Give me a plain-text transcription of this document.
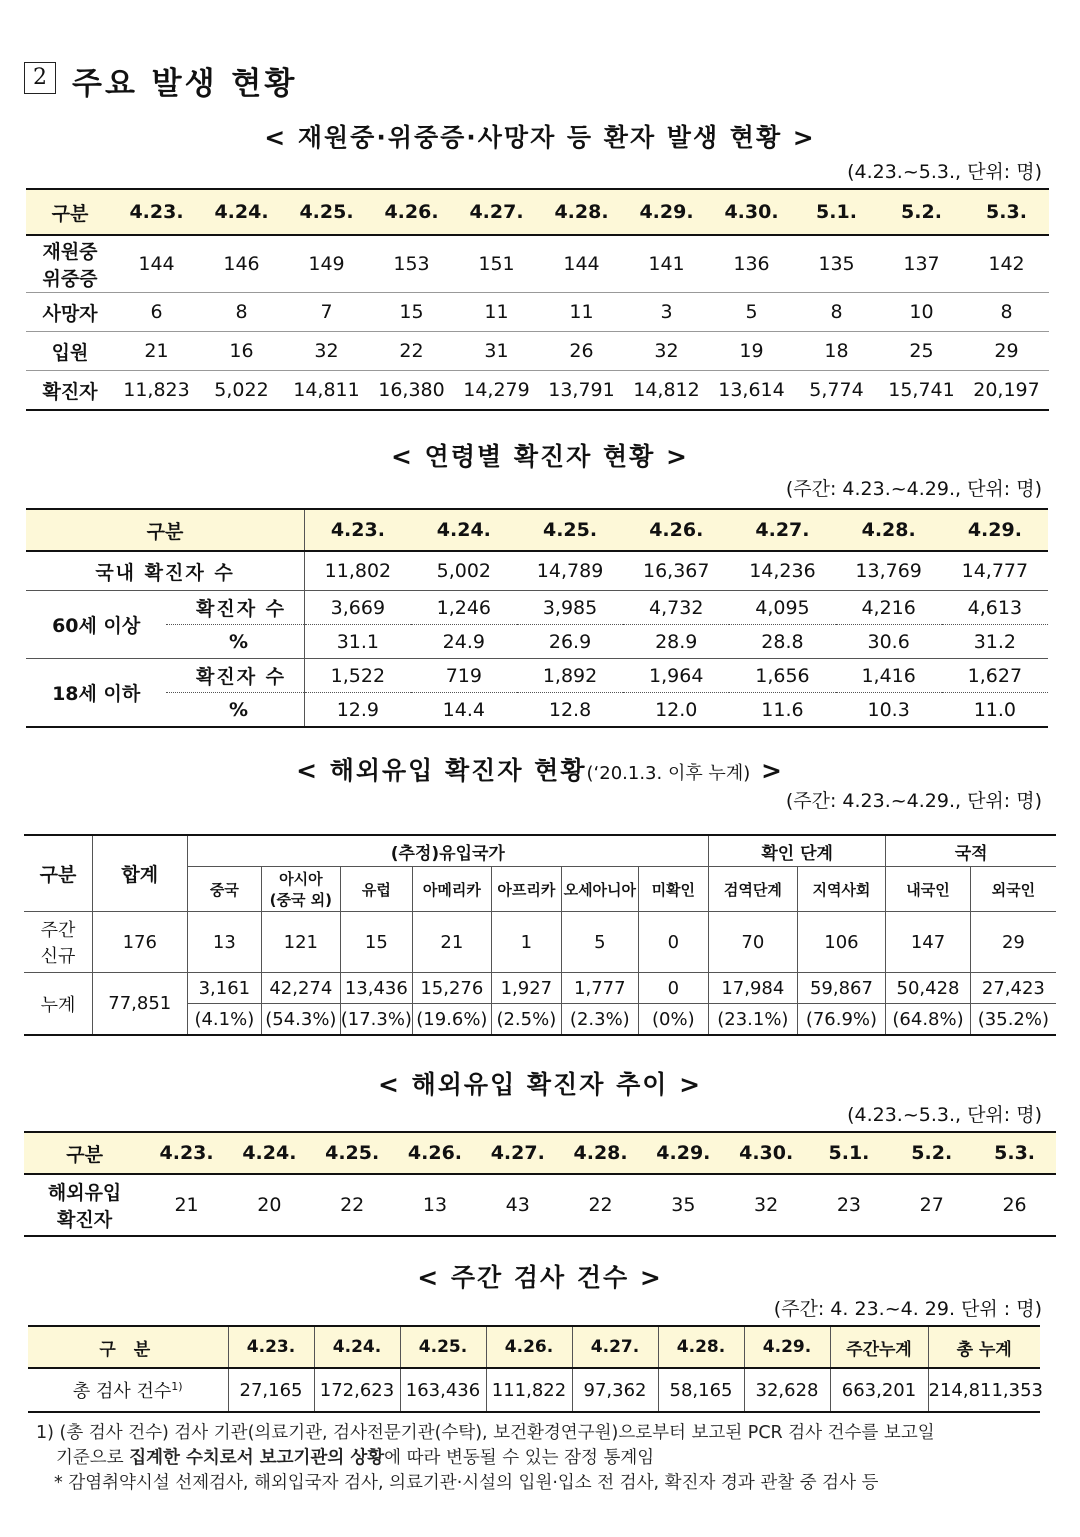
2 주요 발생 현황
< 재원중·위중증·사망자 등 환자 발생 현황 >
(4.23.~5.3., 단위: 명)
구분	4.23.	4.24.	4.25.	4.26.	4.27.	4.28.	4.29.	4.30.	5.1.	5.2.	5.3.
재원중
위중증	144	146	149	153	151	144	141	136	135	137	142
사망자	6	8	7	15	11	11	3	5	8	10	8
입원	21	16	32	22	31	26	32	19	18	25	29
확진자	11,823	5,022	14,811	16,380	14,279	13,791	14,812	13,614	5,774	15,741	20,197
< 연령별 확진자 현황 >
(주간: 4.23.~4.29., 단위: 명)
구분		4.23.	4.24.	4.25.	4.26.	4.27.	4.28.	4.29.
국내 확진자 수		11,802	5,002	14,789	16,367	14,236	13,769	14,777
60세 이상	확진자 수	3,669	1,246	3,985	4,732	4,095	4,216	4,613
	%	31.1	24.9	26.9	28.9	28.8	30.6	31.2
18세 이하	확진자 수	1,522	719	1,892	1,964	1,656	1,416	1,627
	%	12.9	14.4	12.8	12.0	11.6	10.3	11.0
< 해외유입 확진자 현황(‘20.1.3. 이후 누계) >
(주간: 4.23.~4.29., 단위: 명)
구분	합계	(추정)유입국가							확인 단계		국적	
		중국	아시아
(중국 외)	유럽	아메리카	아프리카	오세아니아	미확인	검역단계	지역사회	내국인	외국인
주간
신규	176	13	121	15	21	1	5	0	70	106	147	29
누계	77,851	3,161	42,274	13,436	15,276	1,927	1,777	0	17,984	59,867	50,428	27,423
		(4.1%)	(54.3%)	(17.3%)	(19.6%)	(2.5%)	(2.3%)	(0%)	(23.1%)	(76.9%)	(64.8%)	(35.2%)
< 해외유입 확진자 추이 >
(4.23.~5.3., 단위: 명)
구분	4.23.	4.24.	4.25.	4.26.	4.27.	4.28.	4.29.	4.30.	5.1.	5.2.	5.3.
해외유입
확진자	21	20	22	13	43	22	35	32	23	27	26
< 주간 검사 건수 >
(주간: 4. 23.~4. 29. 단위 : 명)
구 분	4.23.	4.24.	4.25.	4.26.	4.27.	4.28.	4.29.	주간누계	총 누계
총 검사 건수$^{1)}$	27,165	172,623	163,436	111,822	97,362	58,165	32,628	663,201	214,811,353
1) (총 검사 건수) 검사 기관(의료기관, 검사전문기관(수탁), 보건환경연구원)으로부터 보고된 PCR 검사 건수를 보고일
기준으로 집계한 수치로서 보고기관의 상황에 따라 변동될 수 있는 잠정 통계임
* 감염취약시설 선제검사, 해외입국자 검사, 의료기관·시설의 입원·입소 전 검사, 확진자 경과 관찰 중 검사 등
